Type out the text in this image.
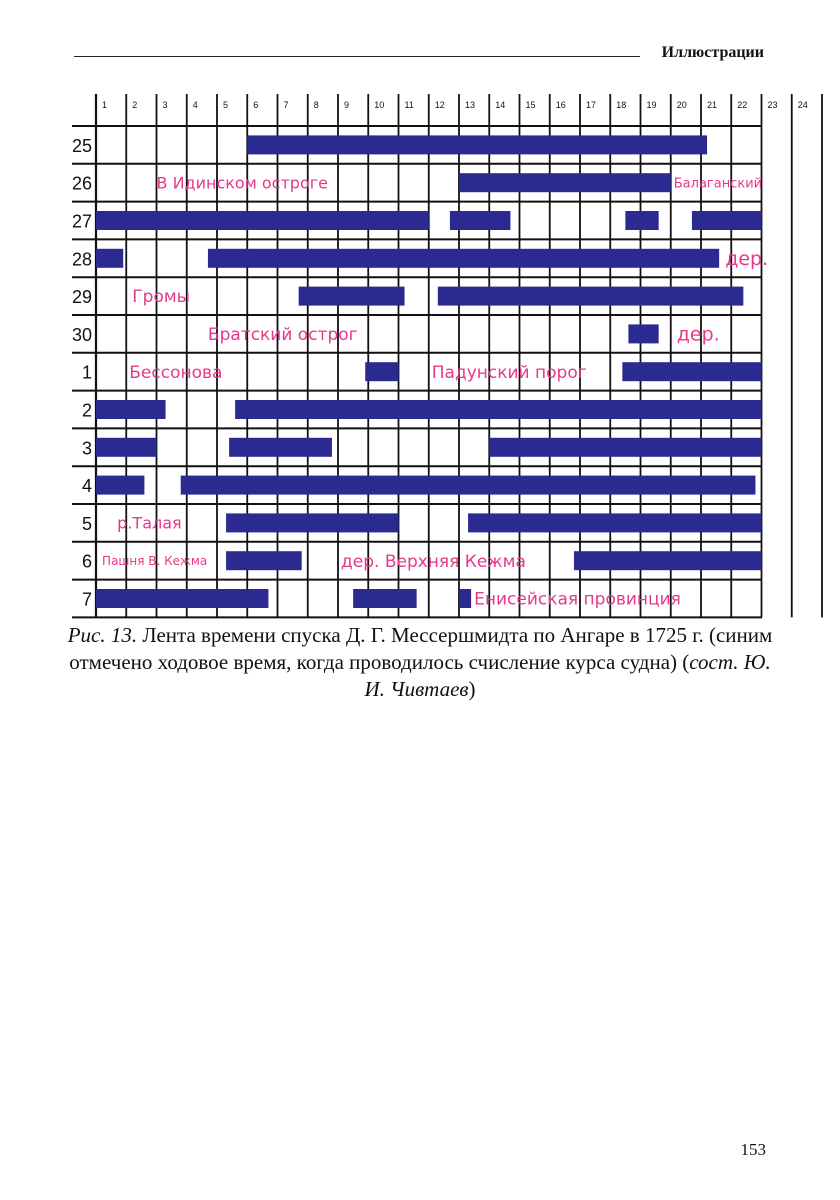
Иллюстрации
1	2	3	4	5	6	7	8	9	10 11 12 13 14 15 16 17 18 19 20 21 22 23 24
25
26	В Идинском остроге	Балаганский
27
28	дер.
29 Громы
30	Братский острог	дер.
1 Бессонова	Падунский порог
2
3
4
5 р.Талая
6 Пашня В. Кежма	дер. Верхняя Кежма
7	Енисейская провинция
Рис. 13. Лента времени спуска Д. Г. Мессершмидта по Ангаре в 1725 г. (синим отмечено ходовое время, когда проводилось счисление курса судна) (сост. Ю. И. Чивтаев)
153
